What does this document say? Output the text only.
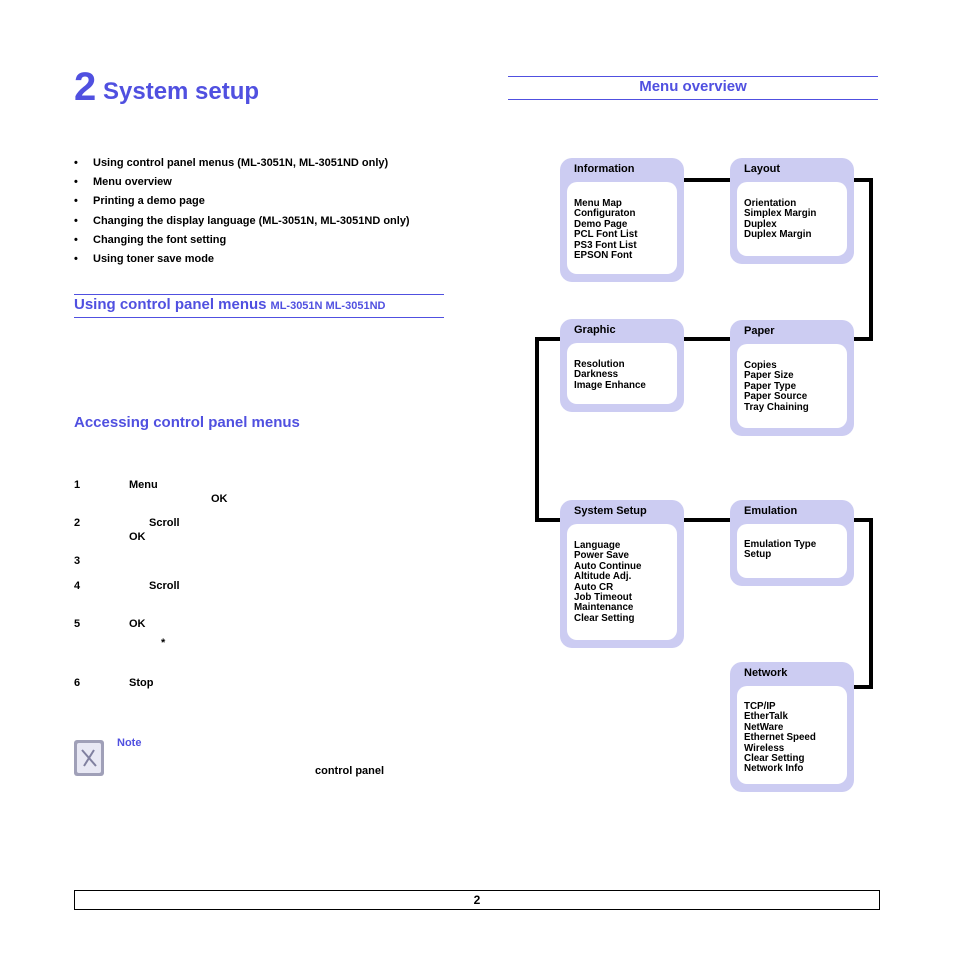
2 System setup
• Using control panel menus (ML-3051N, ML-3051ND only)
• Menu overview
• Printing a demo page
• Changing the display language (ML-3051N, ML-3051ND only)
• Changing the font setting
• Using toner save mode
Using control panel menus ML-3051N ML-3051ND
Accessing control panel menus
1	Menu
OK
2	Scroll
OK
3
4	Scroll
5	OK
*
6	Stop
Note
control panel
Menu overview
Information
Menu Map
Configuraton
Demo Page
PCL Font List
PS3 Font List
EPSON Font
Layout
Orientation
Simplex Margin
Duplex
Duplex Margin
Graphic
Resolution
Darkness
Image Enhance
Paper
Copies
Paper Size
Paper Type
Paper Source
Tray Chaining
System Setup
Language
Power Save
Auto Continue
Altitude Adj.
Auto CR
Job Timeout
Maintenance
Clear Setting
Emulation
Emulation Type
Setup
Network
TCP/IP
EtherTalk
NetWare
Ethernet Speed
Wireless
Clear Setting
Network Info
2
